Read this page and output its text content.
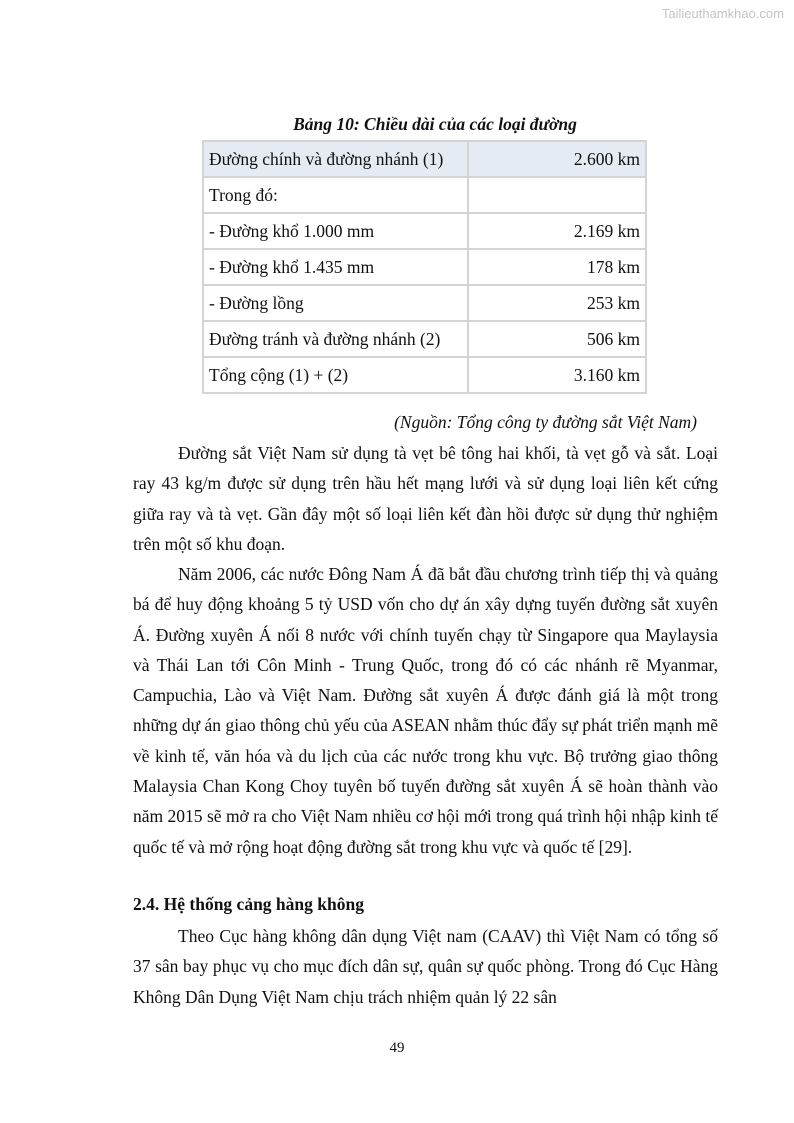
Tailieuthamkhao.com
Bảng 10: Chiều dài của các loại đường
Đường chính và đường nhánh (1)	2.600 km
Trong đó:	
- Đường khổ 1.000 mm	2.169 km
- Đường khổ 1.435 mm	178 km
- Đường lồng	253 km
Đường tránh và đường nhánh (2)	506 km
Tổng cộng (1) + (2)	3.160 km
(Nguồn: Tổng công ty đường sắt Việt Nam)

Đường sắt Việt Nam sử dụng tà vẹt bê tông hai khối, tà vẹt gỗ và sắt. Loại ray 43 kg/m được sử dụng trên hầu hết mạng lưới và sử dụng loại liên kết cứng giữa ray và tà vẹt. Gần đây một số loại liên kết đàn hồi được sử dụng thử nghiệm trên một số khu đoạn.

Năm 2006, các nước Đông Nam Á đã bắt đầu chương trình tiếp thị và quảng bá để huy động khoảng 5 tỷ USD vốn cho dự án xây dựng tuyến đường sắt xuyên Á. Đường xuyên Á nối 8 nước với chính tuyến chạy từ Singapore qua Maylaysia và Thái Lan tới Côn Minh - Trung Quốc, trong đó có các nhánh rẽ Myanmar, Campuchia, Lào và Việt Nam. Đường sắt xuyên Á được đánh giá là một trong những dự án giao thông chủ yếu của ASEAN nhằm thúc đẩy sự phát triển mạnh mẽ về kinh tế, văn hóa và du lịch của các nước trong khu vực. Bộ trưởng giao thông Malaysia Chan Kong Choy tuyên bố tuyến đường sắt xuyên Á sẽ hoàn thành vào năm 2015 sẽ mở ra cho Việt Nam nhiều cơ hội mới trong quá trình hội nhập kinh tế quốc tế và mở rộng hoạt động đường sắt trong khu vực và quốc tế [29].

2.4. Hệ thống cảng hàng không

Theo Cục hàng không dân dụng Việt nam (CAAV) thì Việt Nam có tổng số 37 sân bay phục vụ cho mục đích dân sự, quân sự quốc phòng. Trong đó Cục Hàng Không Dân Dụng Việt Nam chịu trách nhiệm quản lý 22 sân

49
